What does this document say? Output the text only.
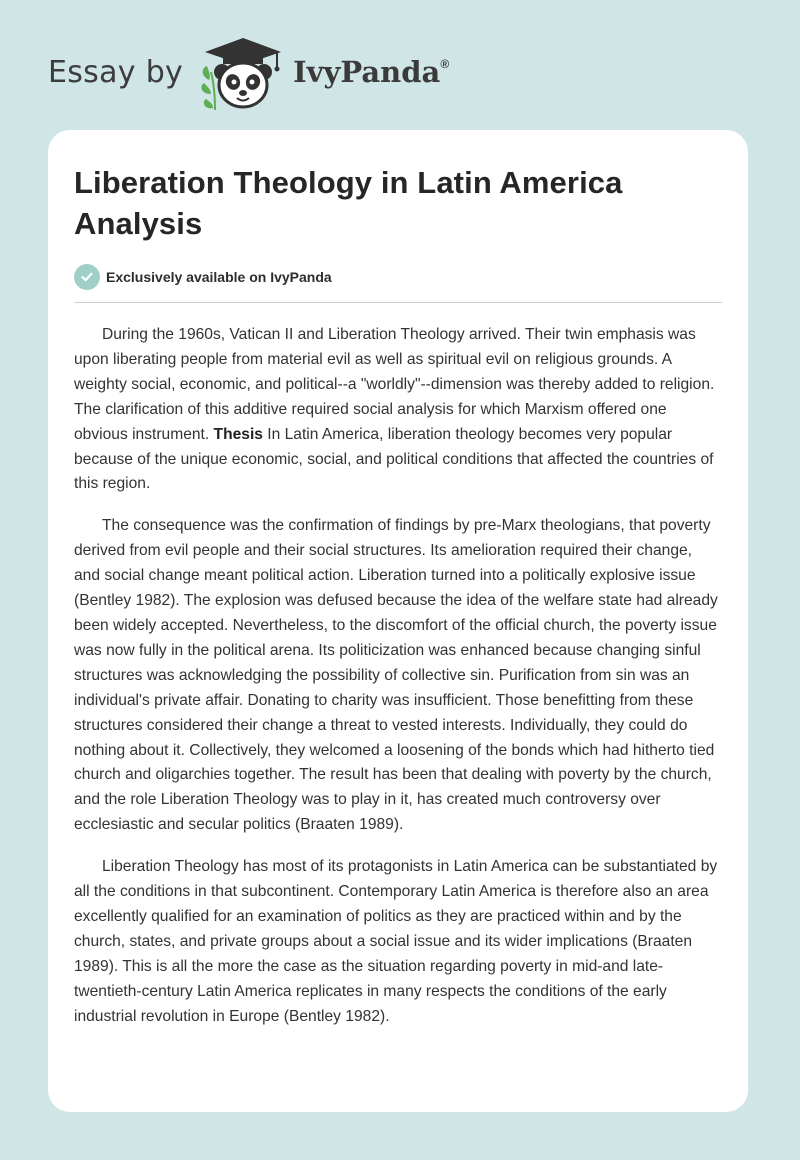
Essay by	IvyPanda®
Liberation Theology in Latin America Analysis
Exclusively available on IvyPanda

During the 1960s, Vatican II and Liberation Theology arrived. Their twin emphasis was upon liberating people from material evil as well as spiritual evil on religious grounds. A weighty social, economic, and political--a "worldly"--dimension was thereby added to religion. The clarification of this additive required social analysis for which Marxism offered one obvious instrument. Thesis In Latin America, liberation theology becomes very popular because of the unique economic, social, and political conditions that affected the countries of this region.

The consequence was the confirmation of findings by pre-Marx theologians, that poverty derived from evil people and their social structures. Its amelioration required their change, and social change meant political action. Liberation turned into a politically explosive issue (Bentley 1982). The explosion was defused because the idea of the welfare state had already been widely accepted. Nevertheless, to the discomfort of the official church, the poverty issue was now fully in the political arena. Its politicization was enhanced because changing sinful structures was acknowledging the possibility of collective sin. Purification from sin was an individual's private affair. Donating to charity was insufficient. Those benefitting from these structures considered their change a threat to vested interests. Individually, they could do nothing about it. Collectively, they welcomed a loosening of the bonds which had hitherto tied church and oligarchies together. The result has been that dealing with poverty by the church, and the role Liberation Theology was to play in it, has created much controversy over ecclesiastic and secular politics (Braaten 1989).

Liberation Theology has most of its protagonists in Latin America can be substantiated by all the conditions in that subcontinent. Contemporary Latin America is therefore also an area excellently qualified for an examination of politics as they are practiced within and by the church, states, and private groups about a social issue and its wider implications (Braaten 1989). This is all the more the case as the situation regarding poverty in mid-and late-twentieth-century Latin America replicates in many respects the conditions of the early industrial revolution in Europe (Bentley 1982).
